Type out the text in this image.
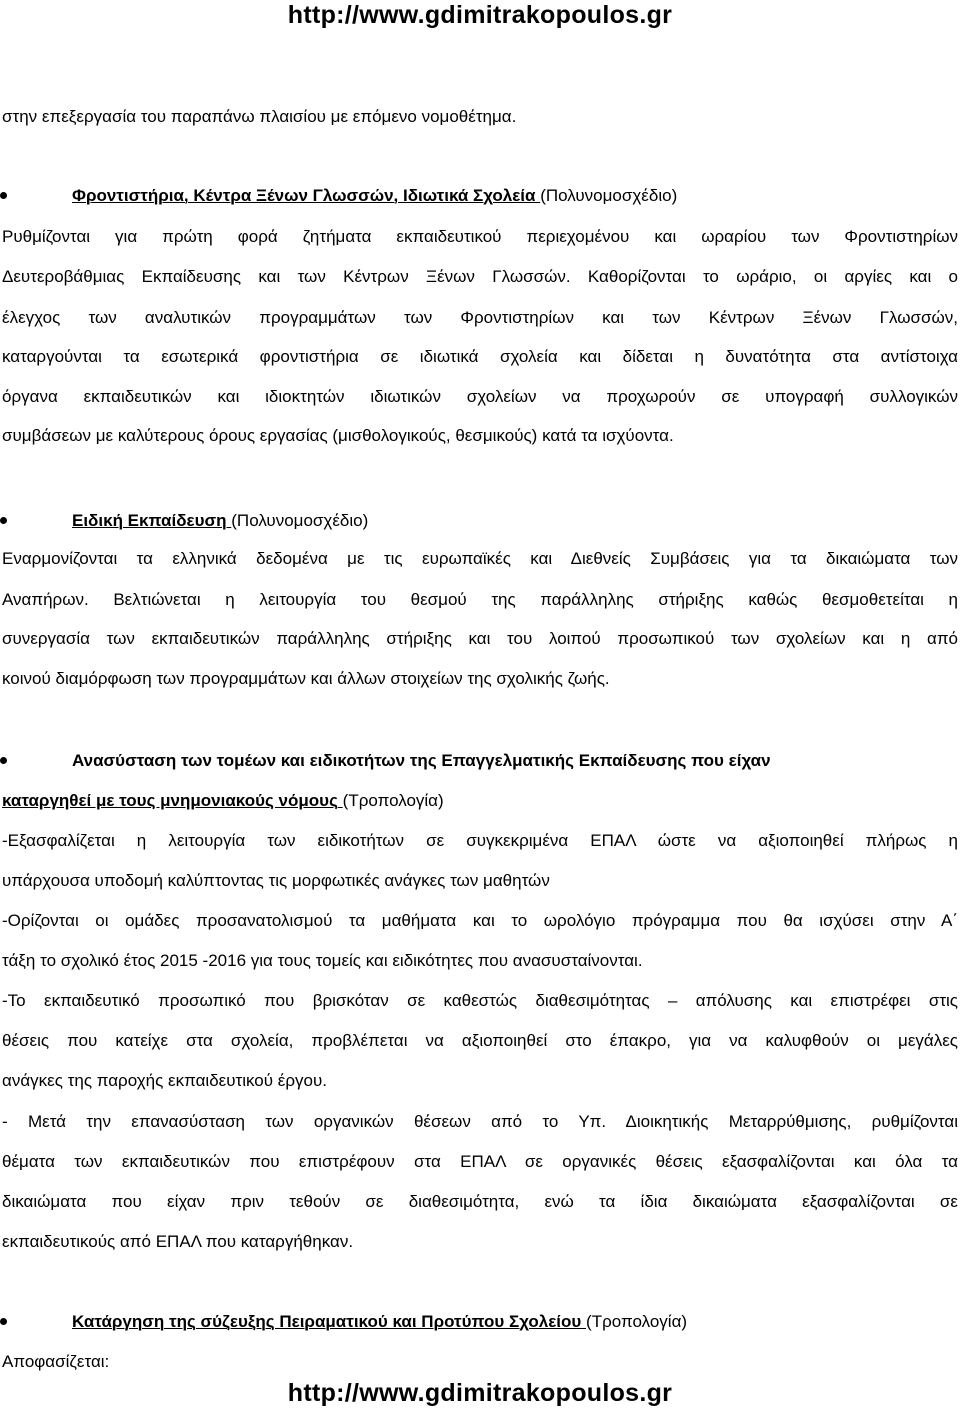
http://www.gdimitrakopoulos.gr
στην επεξεργασία του παραπάνω πλαισίου με επόμενο νομοθέτημα.
Φροντιστήρια, Κέντρα Ξένων Γλωσσών, Ιδιωτικά Σχολεία (Πολυνομοσχέδιο)
Ρυθμίζονται για πρώτη φορά ζητήματα εκπαιδευτικού περιεχομένου και ωραρίου των Φροντιστηρίων
Δευτεροβάθμιας Εκπαίδευσης και των Κέντρων Ξένων Γλωσσών. Καθορίζονται το ωράριο, οι αργίες και ο
έλεγχος των αναλυτικών προγραμμάτων των Φροντιστηρίων και των Κέντρων Ξένων Γλωσσών,
καταργούνται τα εσωτερικά φροντιστήρια σε ιδιωτικά σχολεία και δίδεται η δυνατότητα στα αντίστοιχα
όργανα εκπαιδευτικών και ιδιοκτητών ιδιωτικών σχολείων να προχωρούν σε υπογραφή συλλογικών
συμβάσεων με καλύτερους όρους εργασίας (μισθολογικούς, θεσμικούς) κατά τα ισχύοντα.
Ειδική Εκπαίδευση (Πολυνομοσχέδιο)
Εναρμονίζονται τα ελληνικά δεδομένα με τις ευρωπαϊκές και Διεθνείς Συμβάσεις για τα δικαιώματα των
Αναπήρων. Βελτιώνεται η λειτουργία του θεσμού της παράλληλης στήριξης καθώς θεσμοθετείται η
συνεργασία των εκπαιδευτικών παράλληλης στήριξης και του λοιπού προσωπικού των σχολείων και η από
κοινού διαμόρφωση των προγραμμάτων και άλλων στοιχείων της σχολικής ζωής.
Ανασύσταση των τομέων και ειδικοτήτων της Επαγγελματικής Εκπαίδευσης που είχαν
καταργηθεί με τους μνημονιακούς νόμους (Τροπολογία)
-Εξασφαλίζεται η λειτουργία των ειδικοτήτων σε συγκεκριμένα ΕΠΑΛ ώστε να αξιοποιηθεί πλήρως η
υπάρχουσα υποδομή καλύπτοντας τις μορφωτικές ανάγκες των μαθητών
-Ορίζονται οι ομάδες προσανατολισμού τα μαθήματα και το ωρολόγιο πρόγραμμα που θα ισχύσει στην Α΄
τάξη το σχολικό έτος 2015 -2016 για τους τομείς και ειδικότητες που ανασυσταίνονται.
-Το εκπαιδευτικό προσωπικό που βρισκόταν σε καθεστώς διαθεσιμότητας – απόλυσης και επιστρέφει στις
θέσεις που κατείχε στα σχολεία, προβλέπεται να αξιοποιηθεί στο έπακρο, για να καλυφθούν οι μεγάλες
ανάγκες της παροχής εκπαιδευτικού έργου.
- Μετά την επανασύσταση των οργανικών θέσεων από το Υπ. Διοικητικής Μεταρρύθμισης, ρυθμίζονται
θέματα των εκπαιδευτικών που επιστρέφουν στα ΕΠΑΛ σε οργανικές θέσεις εξασφαλίζονται και όλα τα
δικαιώματα που είχαν πριν τεθούν σε διαθεσιμότητα, ενώ τα ίδια δικαιώματα εξασφαλίζονται σε
εκπαιδευτικούς από ΕΠΑΛ που καταργήθηκαν.
Κατάργηση της σύζευξης Πειραματικού και Προτύπου Σχολείου (Τροπολογία)
Αποφασίζεται:
http://www.gdimitrakopoulos.gr
